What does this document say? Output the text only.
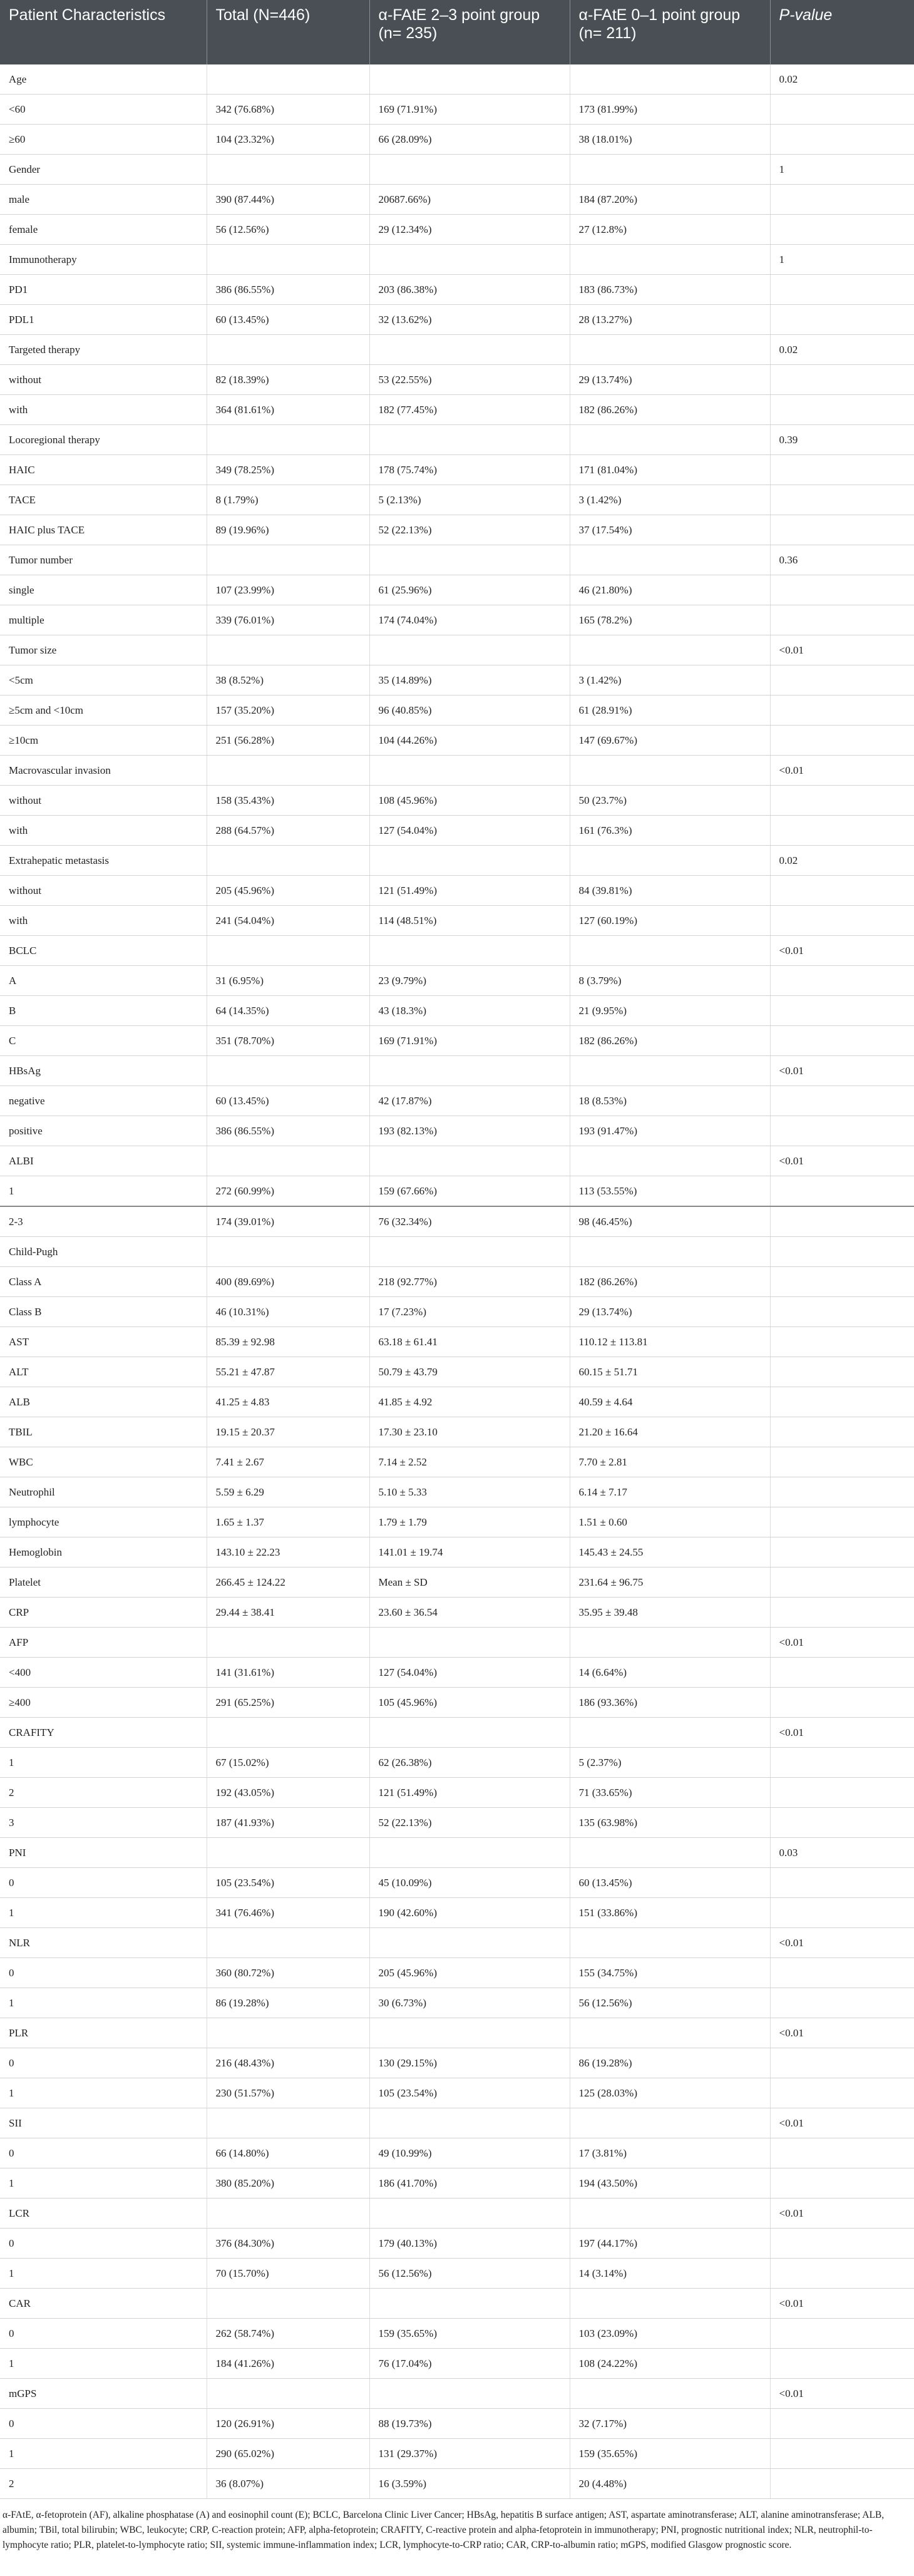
Patient Characteristics	Total (N=446)	α-FAtE 2–3 point group (n= 235)	α-FAtE 0–1 point group (n= 211)	P-value
Age				0.02
<60	342 (76.68%)	169 (71.91%)	173 (81.99%)	
≥60	104 (23.32%)	66 (28.09%)	38 (18.01%)	
Gender				1
male	390 (87.44%)	20687.66%)	184 (87.20%)	
female	56 (12.56%)	29 (12.34%)	27 (12.8%)	
Immunotherapy				1
PD1	386 (86.55%)	203 (86.38%)	183 (86.73%)	
PDL1	60 (13.45%)	32 (13.62%)	28 (13.27%)	
Targeted therapy				0.02
without	82 (18.39%)	53 (22.55%)	29 (13.74%)	
with	364 (81.61%)	182 (77.45%)	182 (86.26%)	
Locoregional therapy				0.39
HAIC	349 (78.25%)	178 (75.74%)	171 (81.04%)	
TACE	8 (1.79%)	5 (2.13%)	3 (1.42%)	
HAIC plus TACE	89 (19.96%)	52 (22.13%)	37 (17.54%)	
Tumor number				0.36
single	107 (23.99%)	61 (25.96%)	46 (21.80%)	
multiple	339 (76.01%)	174 (74.04%)	165 (78.2%)	
Tumor size				<0.01
<5cm	38 (8.52%)	35 (14.89%)	3 (1.42%)	
≥5cm and <10cm	157 (35.20%)	96 (40.85%)	61 (28.91%)	
≥10cm	251 (56.28%)	104 (44.26%)	147 (69.67%)	
Macrovascular invasion				<0.01
without	158 (35.43%)	108 (45.96%)	50 (23.7%)	
with	288 (64.57%)	127 (54.04%)	161 (76.3%)	
Extrahepatic metastasis				0.02
without	205 (45.96%)	121 (51.49%)	84 (39.81%)	
with	241 (54.04%)	114 (48.51%)	127 (60.19%)	
BCLC				<0.01
A	31 (6.95%)	23 (9.79%)	8 (3.79%)	
B	64 (14.35%)	43 (18.3%)	21 (9.95%)	
C	351 (78.70%)	169 (71.91%)	182 (86.26%)	
HBsAg				<0.01
negative	60 (13.45%)	42 (17.87%)	18 (8.53%)	
positive	386 (86.55%)	193 (82.13%)	193 (91.47%)	
ALBI				<0.01
1	272 (60.99%)	159 (67.66%)	113 (53.55%)	
2-3	174 (39.01%)	76 (32.34%)	98 (46.45%)	
Child-Pugh				
Class A	400 (89.69%)	218 (92.77%)	182 (86.26%)	
Class B	46 (10.31%)	17 (7.23%)	29 (13.74%)	
AST	85.39 ± 92.98	63.18 ± 61.41	110.12 ± 113.81	
ALT	55.21 ± 47.87	50.79 ± 43.79	60.15 ± 51.71	
ALB	41.25 ± 4.83	41.85 ± 4.92	40.59 ± 4.64	
TBIL	19.15 ± 20.37	17.30 ± 23.10	21.20 ± 16.64	
WBC	7.41 ± 2.67	7.14 ± 2.52	7.70 ± 2.81	
Neutrophil	5.59 ± 6.29	5.10 ± 5.33	6.14 ± 7.17	
lymphocyte	1.65 ± 1.37	1.79 ± 1.79	1.51 ± 0.60	
Hemoglobin	143.10 ± 22.23	141.01 ± 19.74	145.43 ± 24.55	
Platelet	266.45 ± 124.22	Mean ± SD	231.64 ± 96.75	
CRP	29.44 ± 38.41	23.60 ± 36.54	35.95 ± 39.48	
AFP				<0.01
<400	141 (31.61%)	127 (54.04%)	14 (6.64%)	
≥400	291 (65.25%)	105 (45.96%)	186 (93.36%)	
CRAFITY				<0.01
1	67 (15.02%)	62 (26.38%)	5 (2.37%)	
2	192 (43.05%)	121 (51.49%)	71 (33.65%)	
3	187 (41.93%)	52 (22.13%)	135 (63.98%)	
PNI				0.03
0	105 (23.54%)	45 (10.09%)	60 (13.45%)	
1	341 (76.46%)	190 (42.60%)	151 (33.86%)	
NLR				<0.01
0	360 (80.72%)	205 (45.96%)	155 (34.75%)	
1	86 (19.28%)	30 (6.73%)	56 (12.56%)	
PLR				<0.01
0	216 (48.43%)	130 (29.15%)	86 (19.28%)	
1	230 (51.57%)	105 (23.54%)	125 (28.03%)	
SII				<0.01
0	66 (14.80%)	49 (10.99%)	17 (3.81%)	
1	380 (85.20%)	186 (41.70%)	194 (43.50%)	
LCR				<0.01
0	376 (84.30%)	179 (40.13%)	197 (44.17%)	
1	70 (15.70%)	56 (12.56%)	14 (3.14%)	
CAR				<0.01
0	262 (58.74%)	159 (35.65%)	103 (23.09%)	
1	184 (41.26%)	76 (17.04%)	108 (24.22%)	
mGPS				<0.01
0	120 (26.91%)	88 (19.73%)	32 (7.17%)	
1	290 (65.02%)	131 (29.37%)	159 (35.65%)	
2	36 (8.07%)	16 (3.59%)	20 (4.48%)	
α-FAtE, α-fetoprotein (AF), alkaline phosphatase (A) and eosinophil count (E); BCLC, Barcelona Clinic Liver Cancer; HBsAg, hepatitis B surface antigen; AST, aspartate aminotransferase; ALT, alanine aminotransferase; ALB, albumin; TBil, total bilirubin; WBC, leukocyte; CRP, C-reaction protein; AFP, alpha-fetoprotein; CRAFITY, C-reactive protein and alpha-fetoprotein in immunotherapy; PNI, prognostic nutritional index; NLR, neutrophil-to-lymphocyte ratio; PLR, platelet-to-lymphocyte ratio; SII, systemic immune-inflammation index; LCR, lymphocyte-to-CRP ratio; CAR, CRP-to-albumin ratio; mGPS, modified Glasgow prognostic score.
